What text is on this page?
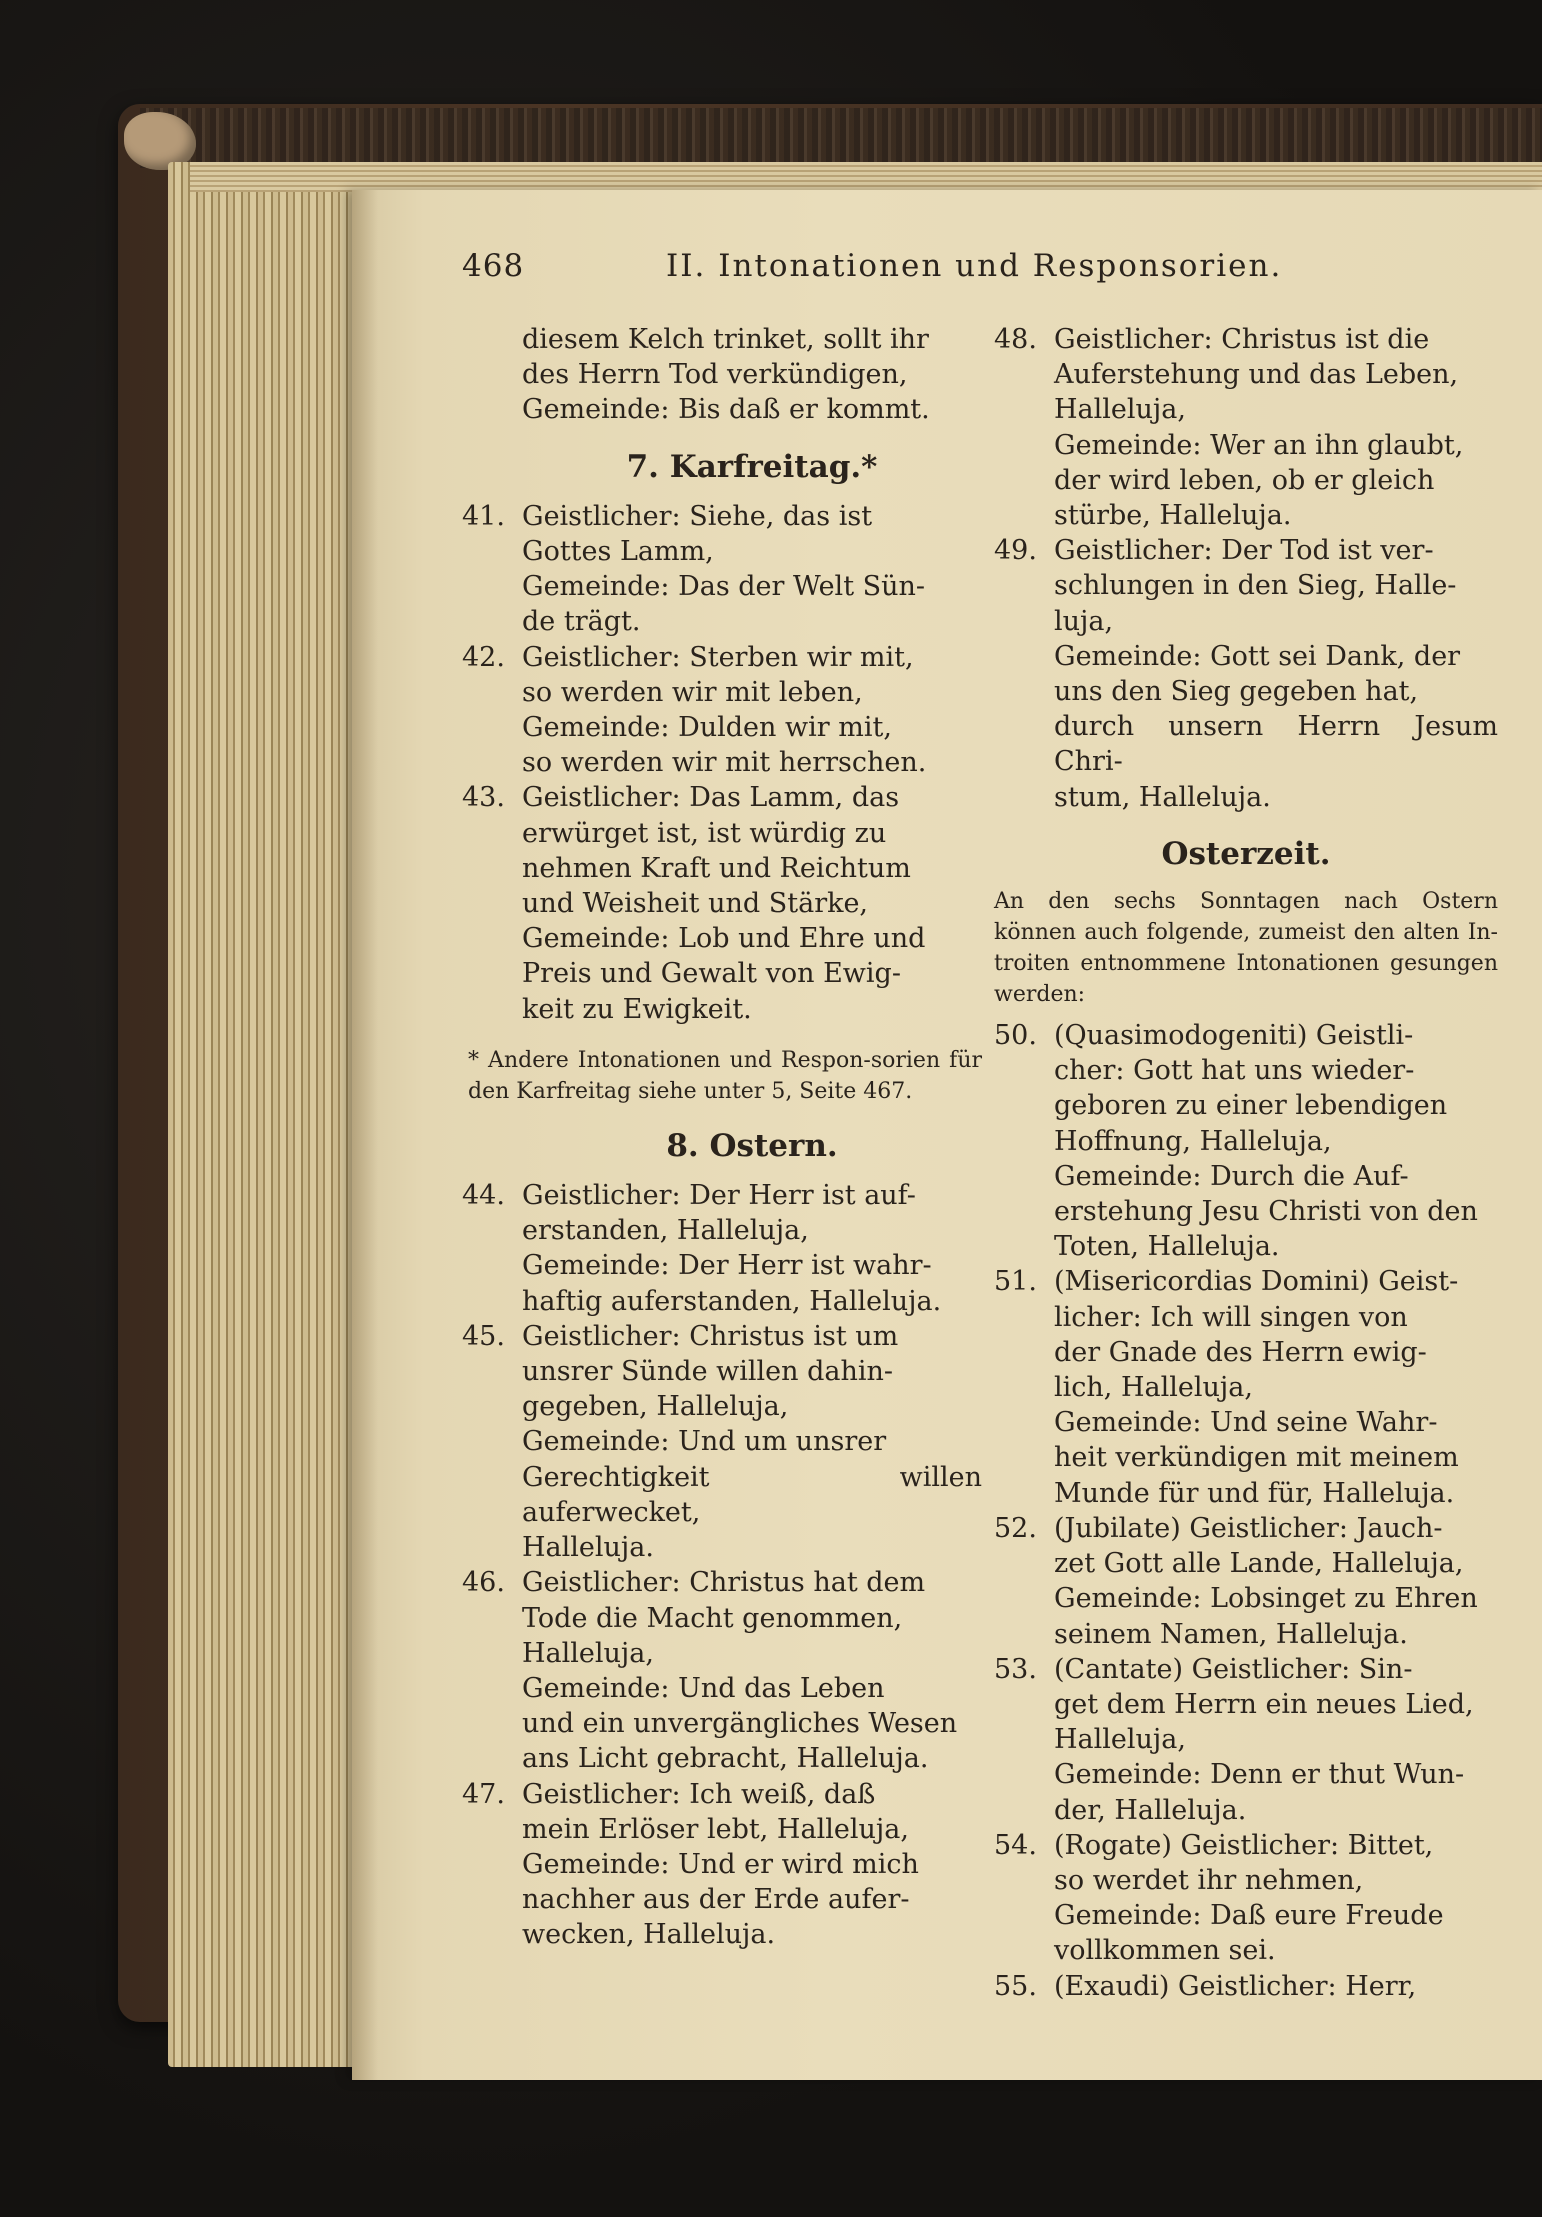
468	II. Intonationen und Responsorien.

diesem Kelch trinket, sollt ihr

des Herrn Tod verkündigen,

Gemeinde: Bis daß er kommt.

7. Karfreitag.*
41. Geistlicher: Siehe, das ist

Gottes Lamm,

Gemeinde: Das der Welt Sün-

de trägt.

42. Geistlicher: Sterben wir mit,

so werden wir mit leben,

Gemeinde: Dulden wir mit,

so werden wir mit herrschen.

43. Geistlicher: Das Lamm, das

erwürget ist, ist würdig zu

nehmen Kraft und Reichtum

und Weisheit und Stärke,

Gemeinde: Lob und Ehre und

Preis und Gewalt von Ewig-

keit zu Ewigkeit.

* Andere Intonationen und Respon-sorien für den Karfreitag siehe unter 5, Seite 467.

8. Ostern.
44. Geistlicher: Der Herr ist auf-

erstanden, Halleluja,

Gemeinde: Der Herr ist wahr-

haftig auferstanden, Halleluja.

45. Geistlicher: Christus ist um

unsrer Sünde willen dahin-

gegeben, Halleluja,

Gemeinde: Und um unsrer

Gerechtigkeit willen auferwecket,

Halleluja.

46. Geistlicher: Christus hat dem

Tode die Macht genommen,

Halleluja,

Gemeinde: Und das Leben

und ein unvergängliches Wesen

ans Licht gebracht, Halleluja.

47. Geistlicher: Ich weiß, daß

mein Erlöser lebt, Halleluja,

Gemeinde: Und er wird mich

nachher aus der Erde aufer-

wecken, Halleluja.

48. Geistlicher: Christus ist die

Auferstehung und das Leben,

Halleluja,

Gemeinde: Wer an ihn glaubt,

der wird leben, ob er gleich

stürbe, Halleluja.

49. Geistlicher: Der Tod ist ver-

schlungen in den Sieg, Halle-

luja,

Gemeinde: Gott sei Dank, der

uns den Sieg gegeben hat,

durch unsern Herrn Jesum Chri-

stum, Halleluja.

Osterzeit.

An den sechs Sonntagen nach Ostern können auch folgende, zumeist den alten In-troiten entnommene Intonationen gesungen werden:

50. (Quasimodogeniti) Geistli-

cher: Gott hat uns wieder-

geboren zu einer lebendigen

Hoffnung, Halleluja,

Gemeinde: Durch die Auf-

erstehung Jesu Christi von den

Toten, Halleluja.

51. (Misericordias Domini) Geist-

licher: Ich will singen von

der Gnade des Herrn ewig-

lich, Halleluja,

Gemeinde: Und seine Wahr-

heit verkündigen mit meinem

Munde für und für, Halleluja.

52. (Jubilate) Geistlicher: Jauch-

zet Gott alle Lande, Halleluja,

Gemeinde: Lobsinget zu Ehren

seinem Namen, Halleluja.

53. (Cantate) Geistlicher: Sin-

get dem Herrn ein neues Lied,

Halleluja,

Gemeinde: Denn er thut Wun-

der, Halleluja.

54. (Rogate) Geistlicher: Bittet,

so werdet ihr nehmen,

Gemeinde: Daß eure Freude

vollkommen sei.

55. (Exaudi) Geistlicher: Herr,
